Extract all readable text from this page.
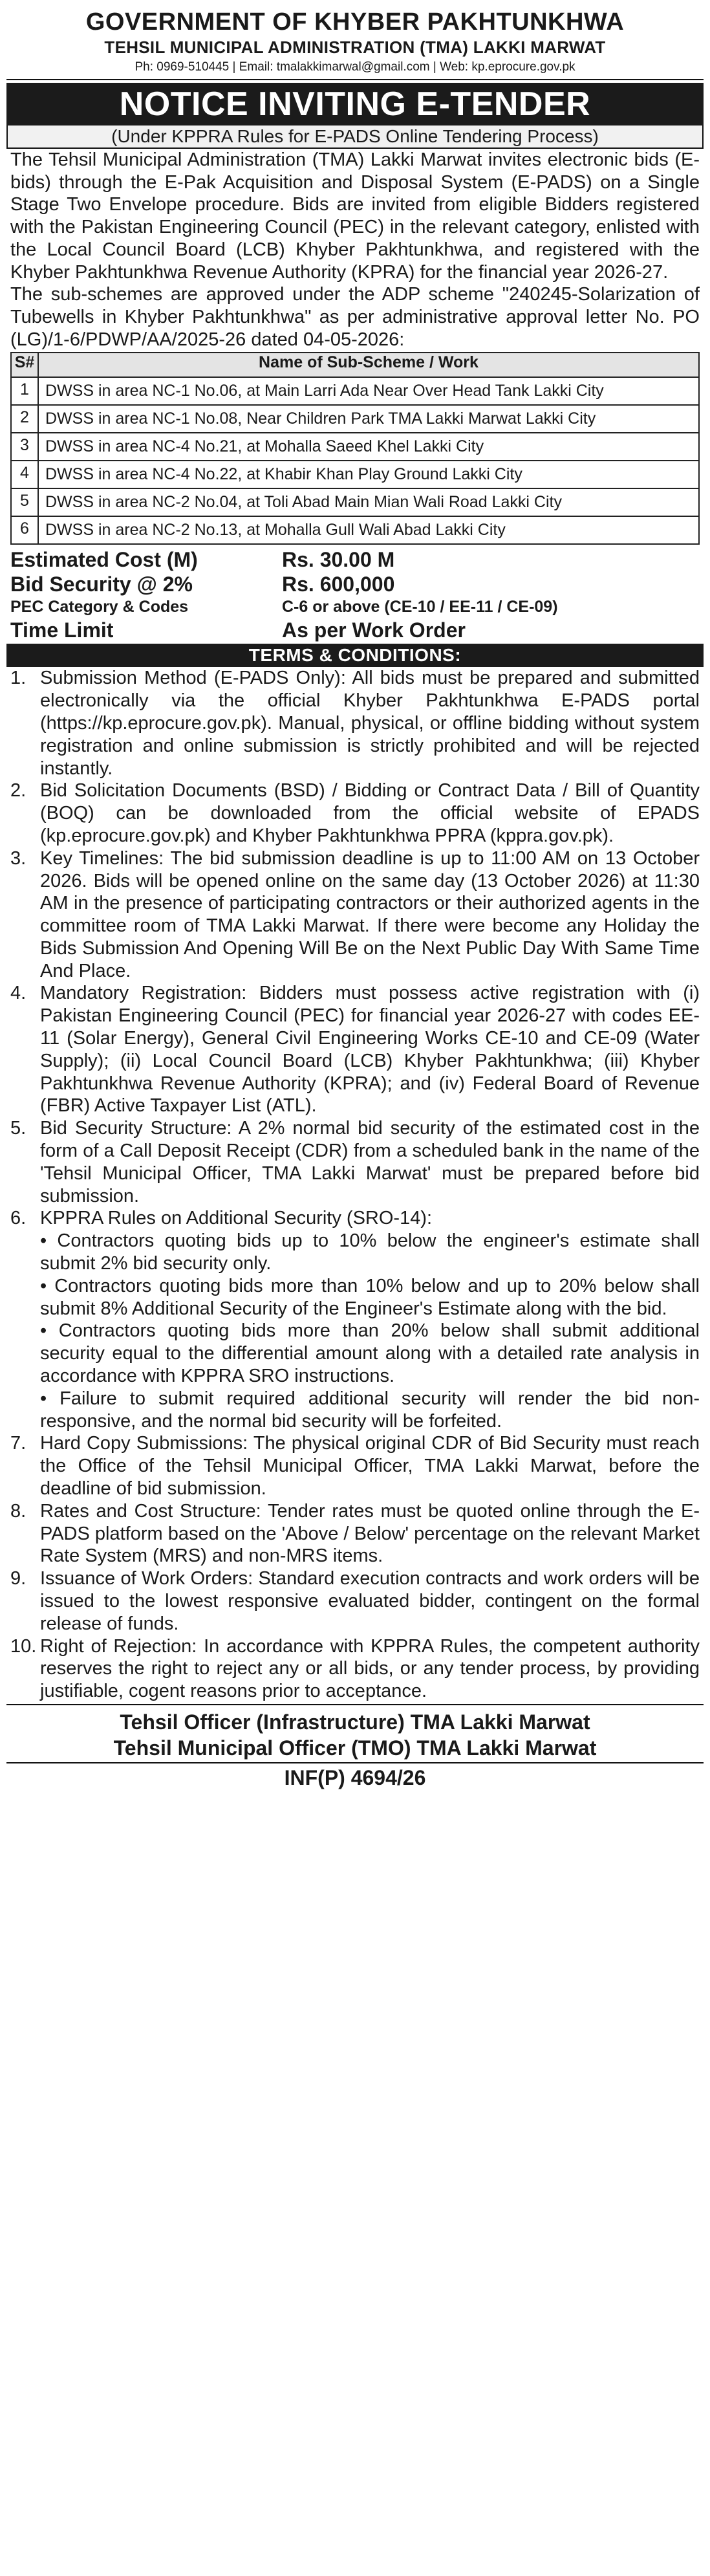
GOVERNMENT OF KHYBER PAKHTUNKHWA
TEHSIL MUNICIPAL ADMINISTRATION (TMA) LAKKI MARWAT
Ph: 0969-510445 | Email: tmalakkimarwal@gmail.com | Web: kp.eprocure.gov.pk
NOTICE INVITING E-TENDER
(Under KPPRA Rules for E-PADS Online Tendering Process)

The Tehsil Municipal Administration (TMA) Lakki Marwat invites electronic bids (E-bids) through the E-Pak Acquisition and Disposal System (E-PADS) on a Single Stage Two Envelope procedure. Bids are invited from eligible Bidders registered with the Pakistan Engineering Council (PEC) in the relevant category, enlisted with the Local Council Board (LCB) Khyber Pakhtunkhwa, and registered with the Khyber Pakhtunkhwa Revenue Authority (KPRA) for the financial year 2026-27.

The sub-schemes are approved under the ADP scheme "240245-Solarization of Tubewells in Khyber Pakhtunkhwa" as per administrative approval letter No. PO (LG)/1-6/PDWP/AA/2025-26 dated 04-05-2026:

S#	Name of Sub-Scheme / Work
1	DWSS in area NC-1 No.06, at Main Larri Ada Near Over Head Tank Lakki City
2	DWSS in area NC-1 No.08, Near Children Park TMA Lakki Marwat Lakki City
3	DWSS in area NC-4 No.21, at Mohalla Saeed Khel Lakki City
4	DWSS in area NC-4 No.22, at Khabir Khan Play Ground Lakki City
5	DWSS in area NC-2 No.04, at Toli Abad Main Mian Wali Road Lakki City
6	DWSS in area NC-2 No.13, at Mohalla Gull Wali Abad Lakki City
Estimated Cost (M)	Rs. 30.00 M
Bid Security @ 2%	Rs. 600,000
PEC Category & Codes	C-6 or above (CE-10 / EE-11 / CE-09)
Time Limit	As per Work Order
TERMS & CONDITIONS:
1. Submission Method (E-PADS Only): All bids must be prepared and submitted electronically via the official Khyber Pakhtunkhwa E-PADS portal (https://kp.eprocure.gov.pk). Manual, physical, or offline bidding without system registration and online submission is strictly prohibited and will be rejected instantly.
2. Bid Solicitation Documents (BSD) / Bidding or Contract Data / Bill of Quantity (BOQ) can be downloaded from the official website of EPADS (kp.eprocure.gov.pk) and Khyber Pakhtunkhwa PPRA (kppra.gov.pk).
3. Key Timelines: The bid submission deadline is up to 11:00 AM on 13 October 2026. Bids will be opened online on the same day (13 October 2026) at 11:30 AM in the presence of participating contractors or their authorized agents in the committee room of TMA Lakki Marwat. If there were become any Holiday the Bids Submission And Opening Will Be on the Next Public Day With Same Time And Place.
4. Mandatory Registration: Bidders must possess active registration with (i) Pakistan Engineering Council (PEC) for financial year 2026-27 with codes EE-11 (Solar Energy), General Civil Engineering Works CE-10 and CE-09 (Water Supply); (ii) Local Council Board (LCB) Khyber Pakhtunkhwa; (iii) Khyber Pakhtunkhwa Revenue Authority (KPRA); and (iv) Federal Board of Revenue (FBR) Active Taxpayer List (ATL).
5. Bid Security Structure: A 2% normal bid security of the estimated cost in the form of a Call Deposit Receipt (CDR) from a scheduled bank in the name of the 'Tehsil Municipal Officer, TMA Lakki Marwat' must be prepared before bid submission.
6. KPPRA Rules on Additional Security (SRO-14):
• Contractors quoting bids up to 10% below the engineer's estimate shall submit 2% bid security only.
• Contractors quoting bids more than 10% below and up to 20% below shall submit 8% Additional Security of the Engineer's Estimate along with the bid.
• Contractors quoting bids more than 20% below shall submit additional security equal to the differential amount along with a detailed rate analysis in accordance with KPPRA SRO instructions.
• Failure to submit required additional security will render the bid non-responsive, and the normal bid security will be forfeited.
7. Hard Copy Submissions: The physical original CDR of Bid Security must reach the Office of the Tehsil Municipal Officer, TMA Lakki Marwat, before the deadline of bid submission.
8. Rates and Cost Structure: Tender rates must be quoted online through the E-PADS platform based on the 'Above / Below' percentage on the relevant Market Rate System (MRS) and non-MRS items.
9. Issuance of Work Orders: Standard execution contracts and work orders will be issued to the lowest responsive evaluated bidder, contingent on the formal release of funds.
10. Right of Rejection: In accordance with KPPRA Rules, the competent authority reserves the right to reject any or all bids, or any tender process, by providing justifiable, cogent reasons prior to acceptance.
Tehsil Officer (Infrastructure) TMA Lakki Marwat
Tehsil Municipal Officer (TMO) TMA Lakki Marwat
INF(P) 4694/26
